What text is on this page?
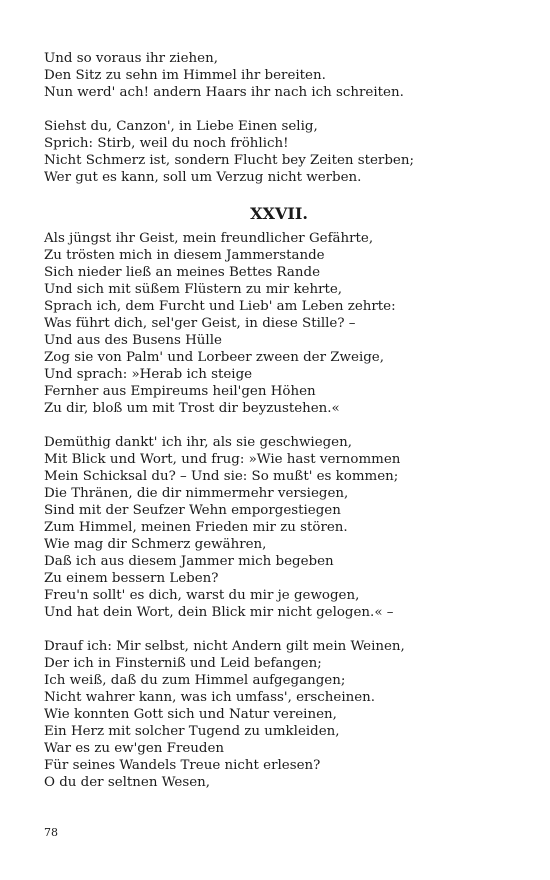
Und so voraus ihr ziehen,
Den Sitz zu sehn im Himmel ihr bereiten.
Nun werd' ach! andern Haars ihr nach ich schreiten.
Siehst du, Canzon', in Liebe Einen selig,
Sprich: Stirb, weil du noch fröhlich!
Nicht Schmerz ist, sondern Flucht bey Zeiten sterben;
Wer gut es kann, soll um Verzug nicht werben.
XXVII.
Als jüngst ihr Geist, mein freundlicher Gefährte,
Zu trösten mich in diesem Jammerstande
Sich nieder ließ an meines Bettes Rande
Und sich mit süßem Flüstern zu mir kehrte,
Sprach ich, dem Furcht und Lieb' am Leben zehrte:
Was führt dich, sel'ger Geist, in diese Stille? –
Und aus des Busens Hülle
Zog sie von Palm' und Lorbeer zween der Zweige,
Und sprach: »Herab ich steige
Fernher aus Empireums heil'gen Höhen
Zu dir, bloß um mit Trost dir beyzustehen.«
Demüthig dankt' ich ihr, als sie geschwiegen,
Mit Blick und Wort, und frug: »Wie hast vernommen
Mein Schicksal du? – Und sie: So mußt' es kommen;
Die Thränen, die dir nimmermehr versiegen,
Sind mit der Seufzer Wehn emporgestiegen
Zum Himmel, meinen Frieden mir zu stören.
Wie mag dir Schmerz gewähren,
Daß ich aus diesem Jammer mich begeben
Zu einem bessern Leben?
Freu'n sollt' es dich, warst du mir je gewogen,
Und hat dein Wort, dein Blick mir nicht gelogen.« –
Drauf ich: Mir selbst, nicht Andern gilt mein Weinen,
Der ich in Finsterniß und Leid befangen;
Ich weiß, daß du zum Himmel aufgegangen;
Nicht wahrer kann, was ich umfass', erscheinen.
Wie konnten Gott sich und Natur vereinen,
Ein Herz mit solcher Tugend zu umkleiden,
War es zu ew'gen Freuden
Für seines Wandels Treue nicht erlesen?
O du der seltnen Wesen,
78
